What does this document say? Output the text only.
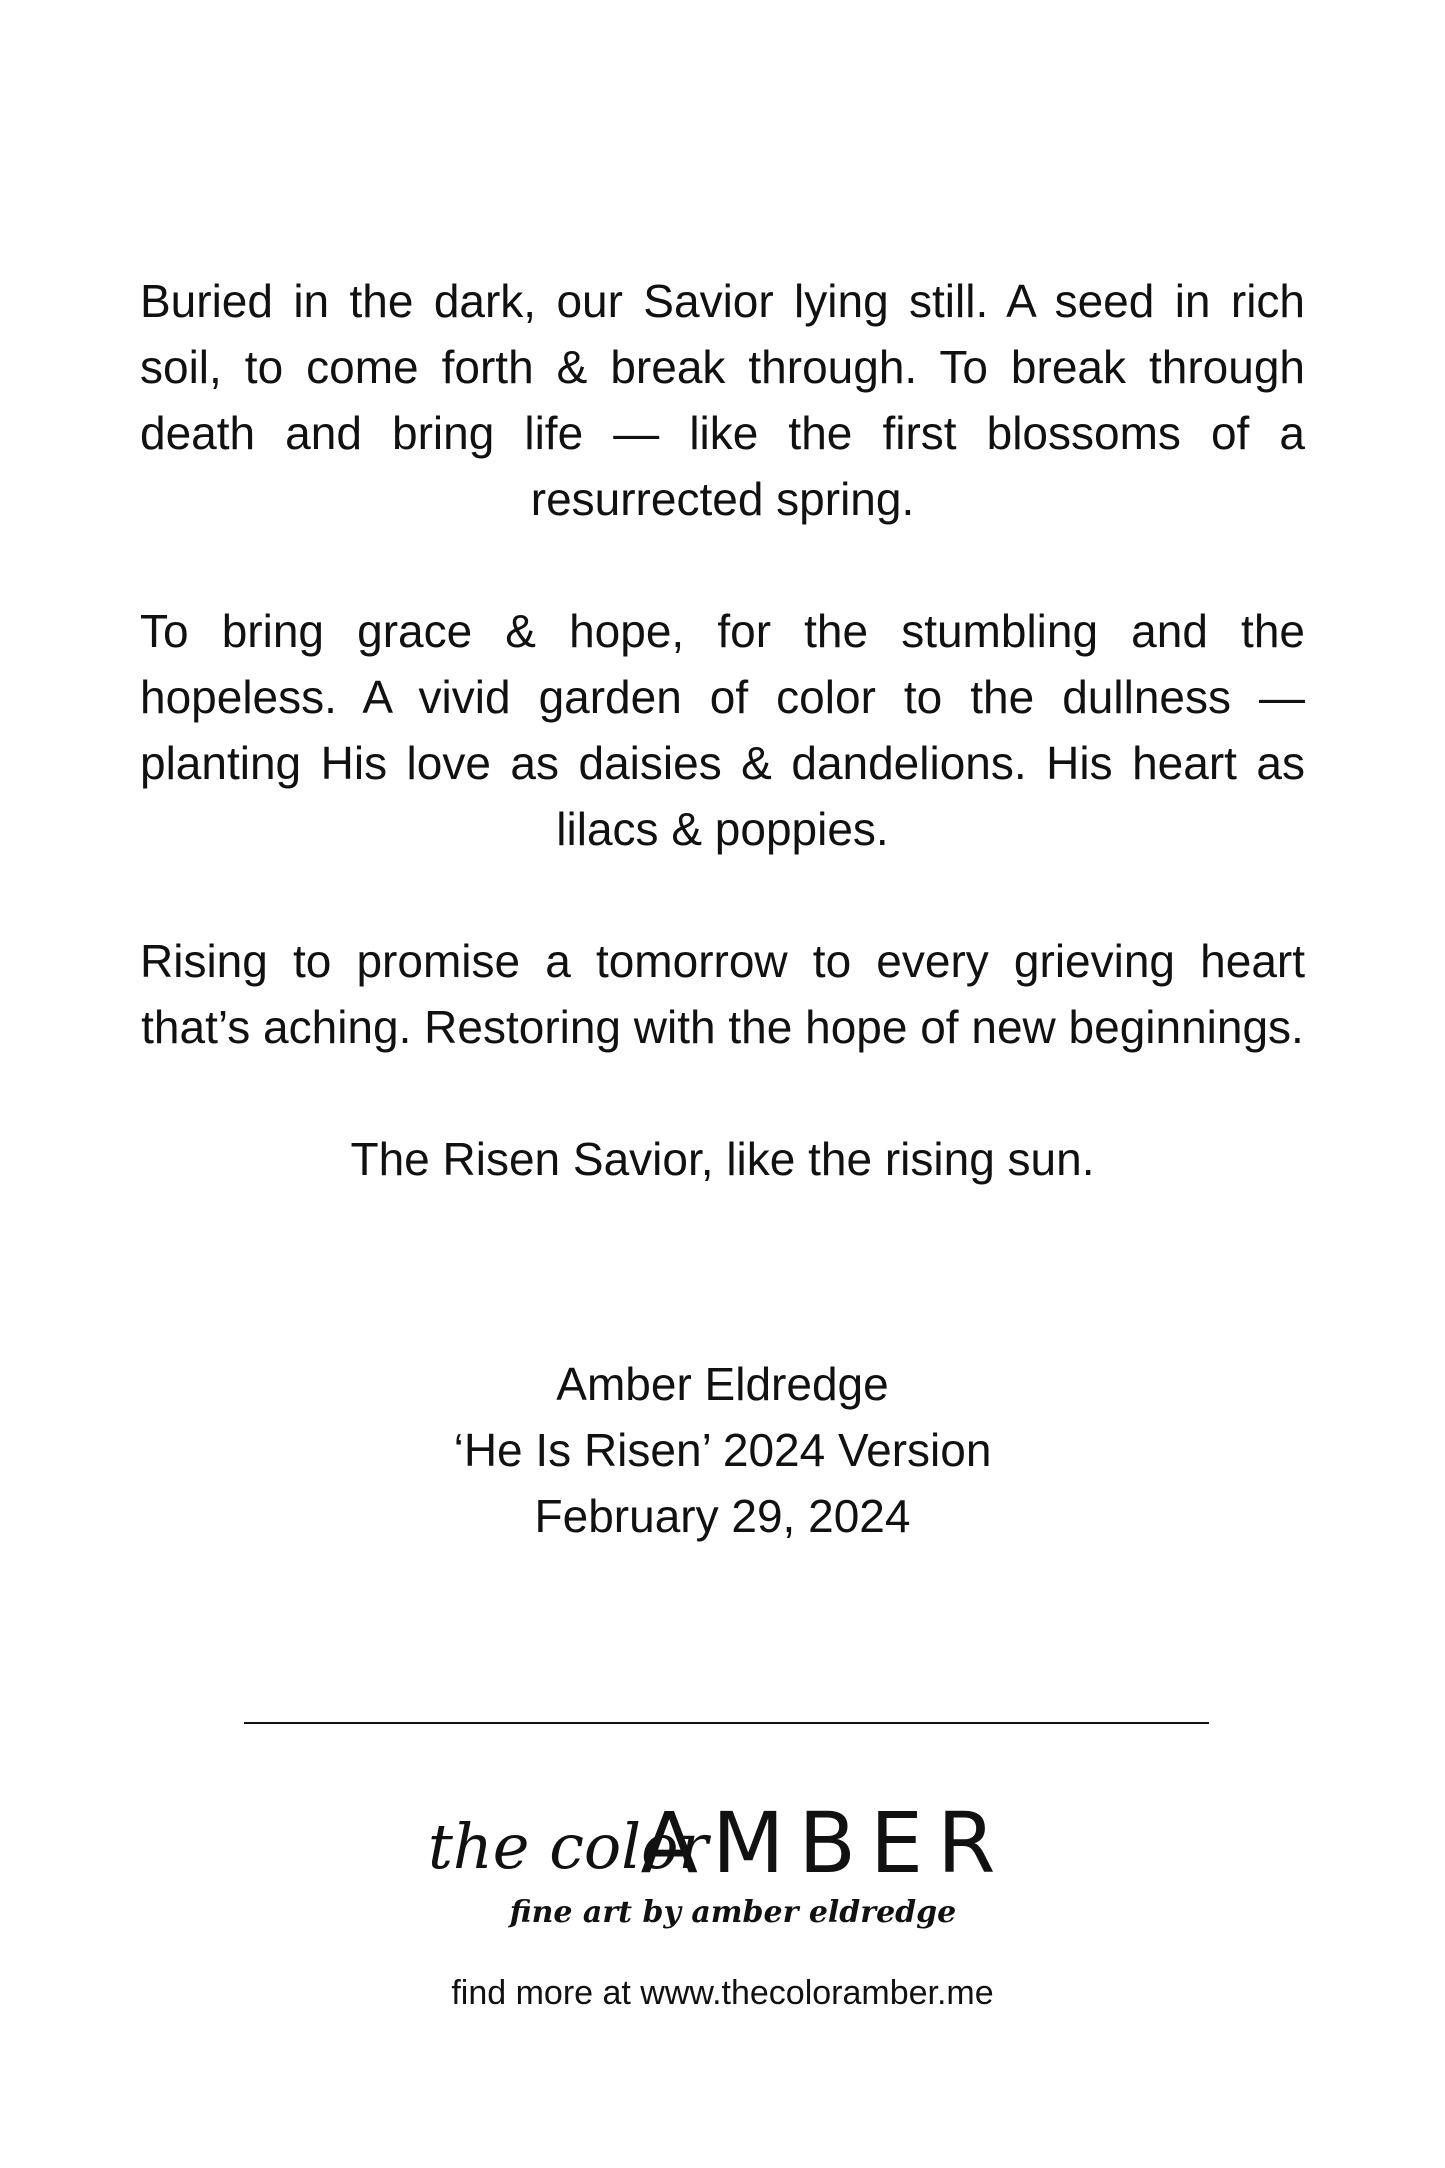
Buried in the dark, our Savior lying still. A seed in rich soil, to come forth & break through. To break through death and bring life — like the first blossoms of a resurrected spring.

To bring grace & hope, for the stumbling and the hopeless. A vivid garden of color to the dullness — planting His love as daisies & dandelions. His heart as lilacs & poppies.

Rising to promise a tomorrow to every grieving heart that’s aching. Restoring with the hope of new beginnings.

The Risen Savior, like the rising sun.

Amber Eldredge
‘He Is Risen’ 2024 Version
February 29, 2024
the color
AMBER
fine art by amber eldredge
find more at www.thecoloramber.me
